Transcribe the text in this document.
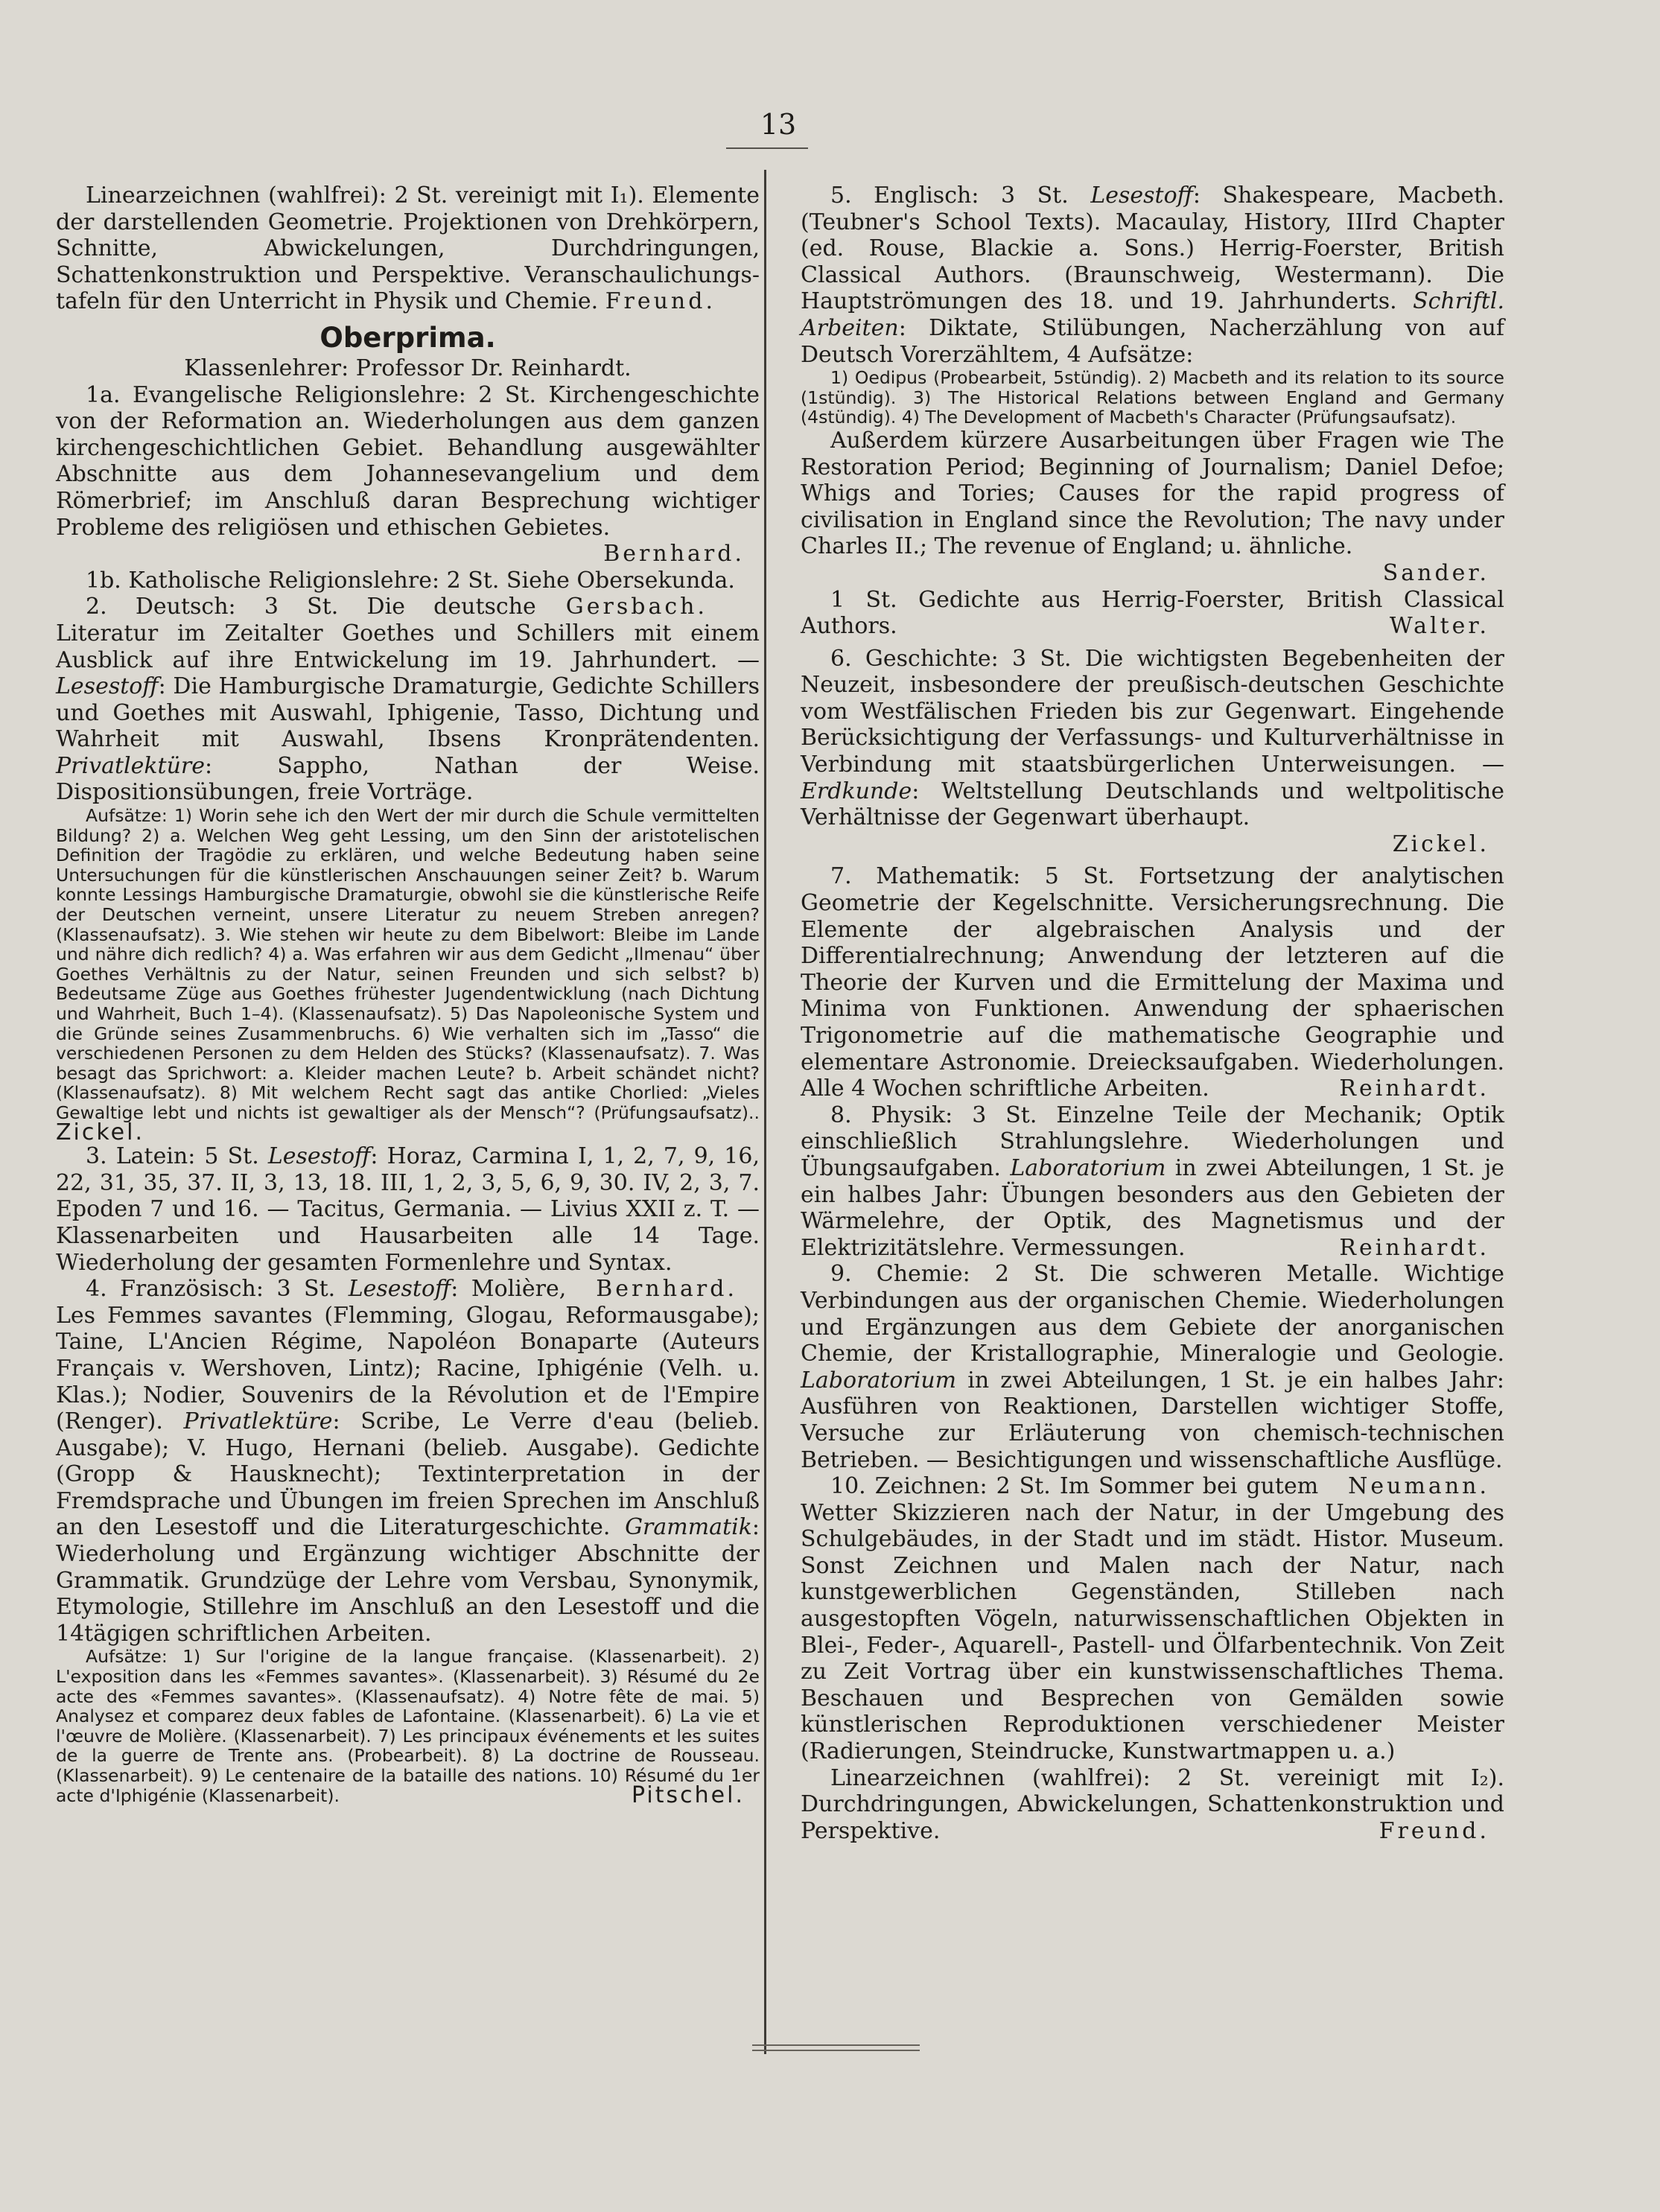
13

Linearzeichnen (wahlfrei): 2 St. vereinigt mit I₁). Elemente der darstellenden Geometrie. Projektionen von Drehkörpern, Schnitte, Abwickelungen, Durchdringungen, Schattenkonstruktion und Perspektive. Veranschaulichungs-tafeln für den Unterricht in Physik und Chemie. Freund.

Oberprima.

Klassenlehrer: Professor Dr. Reinhardt.

1a. Evangelische Religionslehre: 2 St. Kirchengeschichte von der Reformation an. Wiederholungen aus dem ganzen kirchengeschichtlichen Gebiet. Behandlung ausgewählter Abschnitte aus dem Johannesevangelium und dem Römerbrief; im Anschluß daran Besprechung wichtiger Probleme des religiösen und ethischen Gebietes.

Bernhard.

1b. Katholische Religionslehre: 2 St. Siehe Obersekunda.
Gersbach.

2. Deutsch: 3 St. Die deutsche Literatur im Zeitalter Goethes und Schillers mit einem Ausblick auf ihre Entwickelung im 19. Jahrhundert. — Lesestoff: Die Hamburgische Dramaturgie, Gedichte Schillers und Goethes mit Auswahl, Iphigenie, Tasso, Dichtung und Wahrheit mit Auswahl, Ibsens Kronprätendenten. Privatlektüre: Sappho, Nathan der Weise. Dispositionsübungen, freie Vorträge.

Aufsätze: 1) Worin sehe ich den Wert der mir durch die Schule vermittelten Bildung? 2) a. Welchen Weg geht Lessing, um den Sinn der aristotelischen Definition der Tragödie zu erklären, und welche Bedeutung haben seine Untersuchungen für die künstlerischen Anschauungen seiner Zeit? b. Warum konnte Lessings Hamburgische Dramaturgie, obwohl sie die künstlerische Reife der Deutschen verneint, unsere Literatur zu neuem Streben anregen? (Klassenaufsatz). 3. Wie stehen wir heute zu dem Bibelwort: Bleibe im Lande und nähre dich redlich? 4) a. Was erfahren wir aus dem Gedicht „Ilmenau“ über Goethes Verhältnis zu der Natur, seinen Freunden und sich selbst? b) Bedeutsame Züge aus Goethes frühester Jugendentwicklung (nach Dichtung und Wahrheit, Buch 1–4). (Klassenaufsatz). 5) Das Napoleonische System und die Gründe seines Zusammenbruchs. 6) Wie verhalten sich im „Tasso“ die verschiedenen Personen zu dem Helden des Stücks? (Klassenaufsatz). 7. Was besagt das Sprichwort: a. Kleider machen Leute? b. Arbeit schändet nicht? (Klassenaufsatz). 8) Mit welchem Recht sagt das antike Chorlied: „Vieles Gewaltige lebt und nichts ist gewaltiger als der Mensch“? (Prüfungsaufsatz).. Zickel.

3. Latein: 5 St. Lesestoff: Horaz, Carmina I, 1, 2, 7, 9, 16, 22, 31, 35, 37. II, 3, 13, 18. III, 1, 2, 3, 5, 6, 9, 30. IV, 2, 3, 7. Epoden 7 und 16. — Tacitus, Germania. — Livius XXII z. T. — Klassenarbeiten und Hausarbeiten alle 14 Tage. Wiederholung der gesamten Formenlehre und Syntax.
Bernhard.

4. Französisch: 3 St. Lesestoff: Molière, Les Femmes savantes (Flemming, Glogau, Reformausgabe); Taine, L'Ancien Régime, Napoléon Bonaparte (Auteurs Français v. Wershoven, Lintz); Racine, Iphigénie (Velh. u. Klas.); Nodier, Souvenirs de la Révolution et de l'Empire (Renger). Privatlektüre: Scribe, Le Verre d'eau (belieb. Ausgabe); V. Hugo, Hernani (belieb. Ausgabe). Gedichte (Gropp & Hausknecht); Textinterpretation in der Fremdsprache und Übungen im freien Sprechen im Anschluß an den Lesestoff und die Literaturgeschichte. Grammatik: Wiederholung und Ergänzung wichtiger Abschnitte der Grammatik. Grundzüge der Lehre vom Versbau, Synonymik, Etymologie, Stillehre im Anschluß an den Lesestoff und die 14tägigen schriftlichen Arbeiten.

Aufsätze: 1) Sur l'origine de la langue française. (Klassenarbeit). 2) L'exposition dans les «Femmes savantes». (Klassenarbeit). 3) Résumé du 2e acte des «Femmes savantes». (Klassenaufsatz). 4) Notre fête de mai. 5) Analysez et comparez deux fables de Lafontaine. (Klassenarbeit). 6) La vie et l'œuvre de Molière. (Klassenarbeit). 7) Les principaux événements et les suites de la guerre de Trente ans. (Probearbeit). 8) La doctrine de Rousseau. (Klassenarbeit). 9) Le centenaire de la bataille des nations. 10) Résumé du 1er acte d'Iphigénie (Klassenarbeit).	Pitschel.

5. Englisch: 3 St. Lesestoff: Shakespeare, Macbeth. (Teubner's School Texts). Macaulay, History, IIIrd Chapter (ed. Rouse, Blackie a. Sons.) Herrig-Foerster, British Classical Authors. (Braunschweig, Westermann). Die Hauptströmungen des 18. und 19. Jahrhunderts. Schriftl. Arbeiten: Diktate, Stilübungen, Nacherzählung von auf Deutsch Vorerzähltem, 4 Aufsätze:

1) Oedipus (Probearbeit, 5stündig). 2) Macbeth and its relation to its source (1stündig). 3) The Historical Relations between England and Germany (4stündig). 4) The Development of Macbeth's Character (Prüfungsaufsatz).

Außerdem kürzere Ausarbeitungen über Fragen wie The Restoration Period; Beginning of Journalism; Daniel Defoe; Whigs and Tories; Causes for the rapid progress of civilisation in England since the Revolution; The navy under Charles II.; The revenue of England; u. ähnliche.

Sander.

1 St. Gedichte aus Herrig-Foerster, British Classical Authors.	Walter.

6. Geschichte: 3 St. Die wichtigsten Begebenheiten der Neuzeit, insbesondere der preußisch-deutschen Geschichte vom Westfälischen Frieden bis zur Gegenwart. Eingehende Berücksichtigung der Verfassungs- und Kulturverhältnisse in Verbindung mit staatsbürgerlichen Unterweisungen. — Erdkunde: Weltstellung Deutschlands und weltpolitische Verhältnisse der Gegenwart überhaupt.

Zickel.

7. Mathematik: 5 St. Fortsetzung der analytischen Geometrie der Kegelschnitte. Versicherungsrechnung. Die Elemente der algebraischen Analysis und der Differentialrechnung; Anwendung der letzteren auf die Theorie der Kurven und die Ermittelung der Maxima und Minima von Funktionen. Anwendung der sphaerischen Trigonometrie auf die mathematische Geographie und elementare Astronomie. Dreiecksaufgaben. Wiederholungen. Alle 4 Wochen schriftliche Arbeiten.	Reinhardt.

8. Physik: 3 St. Einzelne Teile der Mechanik; Optik einschließlich Strahlungslehre. Wiederholungen und Übungsaufgaben. Laboratorium in zwei Abteilungen, 1 St. je ein halbes Jahr: Übungen besonders aus den Gebieten der Wärmelehre, der Optik, des Magnetismus und der Elektrizitätslehre. Vermessungen.	Reinhardt.

9. Chemie: 2 St. Die schweren Metalle. Wichtige Verbindungen aus der organischen Chemie. Wiederholungen und Ergänzungen aus dem Gebiete der anorganischen Chemie, der Kristallographie, Mineralogie und Geologie. Laboratorium in zwei Abteilungen, 1 St. je ein halbes Jahr: Ausführen von Reaktionen, Darstellen wichtiger Stoffe, Versuche zur Erläuterung von chemisch-technischen Betrieben. — Besichtigungen und wissenschaftliche Ausflüge.
Neumann.

10. Zeichnen: 2 St. Im Sommer bei gutem Wetter Skizzieren nach der Natur, in der Umgebung des Schulgebäudes, in der Stadt und im städt. Histor. Museum. Sonst Zeichnen und Malen nach der Natur, nach kunstgewerblichen Gegenständen, Stilleben nach ausgestopften Vögeln, naturwissenschaftlichen Objekten in Blei-, Feder-, Aquarell-, Pastell- und Ölfarbentechnik. Von Zeit zu Zeit Vortrag über ein kunstwissenschaftliches Thema. Beschauen und Besprechen von Gemälden sowie künstlerischen Reproduktionen verschiedener Meister (Radierungen, Steindrucke, Kunstwartmappen u. a.)

Linearzeichnen (wahlfrei): 2 St. vereinigt mit I₂). Durchdringungen, Abwickelungen, Schattenkonstruktion und Perspektive.	Freund.
